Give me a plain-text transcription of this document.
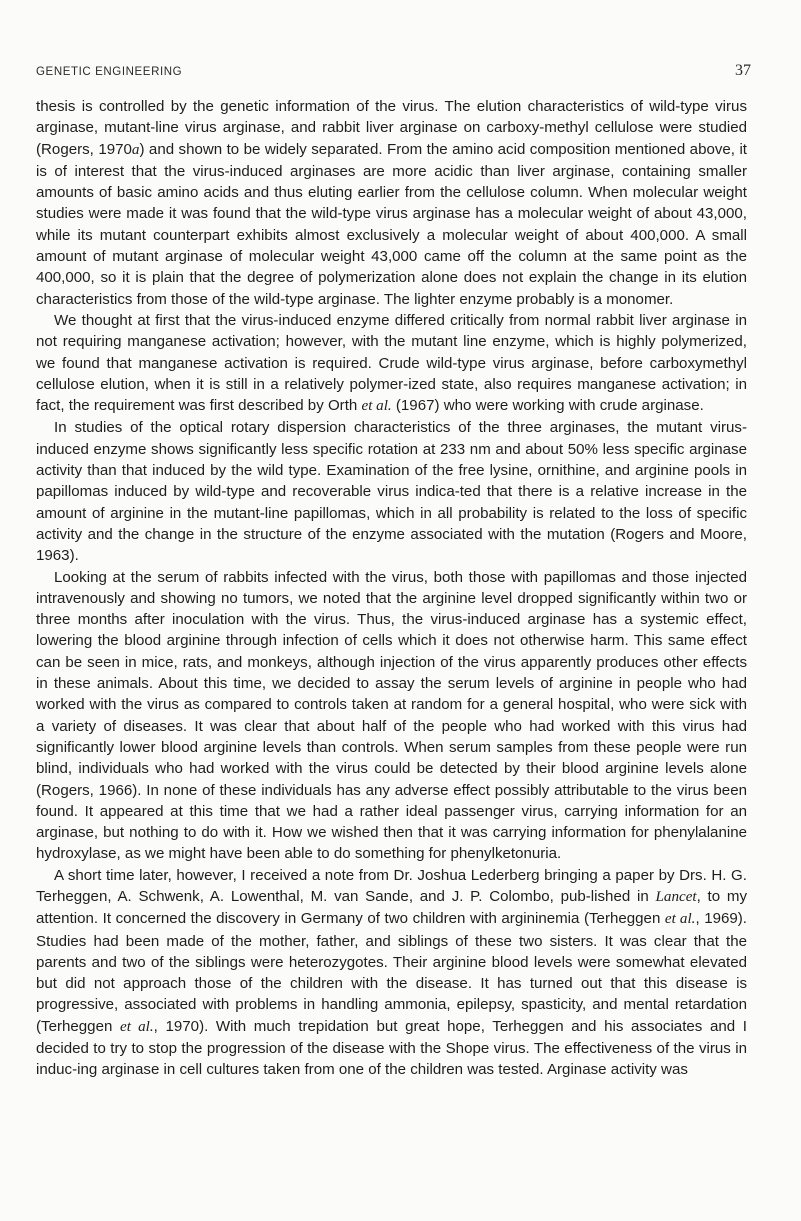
GENETIC ENGINEERING	37

thesis is controlled by the genetic information of the virus. The elution characteristics of wild-type virus arginase, mutant-line virus arginase, and rabbit liver arginase on carboxy-methyl cellulose were studied (Rogers, 1970a) and shown to be widely separated. From the amino acid composition mentioned above, it is of interest that the virus-induced arginases are more acidic than liver arginase, containing smaller amounts of basic amino acids and thus eluting earlier from the cellulose column. When molecular weight studies were made it was found that the wild-type virus arginase has a molecular weight of about 43,000, while its mutant counterpart exhibits almost exclusively a molecular weight of about 400,000. A small amount of mutant arginase of molecular weight 43,000 came off the column at the same point as the 400,000, so it is plain that the degree of polymerization alone does not explain the change in its elution characteristics from those of the wild-type arginase. The lighter enzyme probably is a monomer.

We thought at first that the virus-induced enzyme differed critically from normal rabbit liver arginase in not requiring manganese activation; however, with the mutant line enzyme, which is highly polymerized, we found that manganese activation is required. Crude wild-type virus arginase, before carboxymethyl cellulose elution, when it is still in a relatively polymer-ized state, also requires manganese activation; in fact, the requirement was first described by Orth et al. (1967) who were working with crude arginase.

In studies of the optical rotary dispersion characteristics of the three arginases, the mutant virus-induced enzyme shows significantly less specific rotation at 233 nm and about 50% less specific arginase activity than that induced by the wild type. Examination of the free lysine, ornithine, and arginine pools in papillomas induced by wild-type and recoverable virus indica-ted that there is a relative increase in the amount of arginine in the mutant-line papillomas, which in all probability is related to the loss of specific activity and the change in the structure of the enzyme associated with the mutation (Rogers and Moore, 1963).

Looking at the serum of rabbits infected with the virus, both those with papillomas and those injected intravenously and showing no tumors, we noted that the arginine level dropped significantly within two or three months after inoculation with the virus. Thus, the virus-induced arginase has a systemic effect, lowering the blood arginine through infection of cells which it does not otherwise harm. This same effect can be seen in mice, rats, and monkeys, although injection of the virus apparently produces other effects in these animals. About this time, we decided to assay the serum levels of arginine in people who had worked with the virus as compared to controls taken at random for a general hospital, who were sick with a variety of diseases. It was clear that about half of the people who had worked with this virus had significantly lower blood arginine levels than controls. When serum samples from these people were run blind, individuals who had worked with the virus could be detected by their blood arginine levels alone (Rogers, 1966). In none of these individuals has any adverse effect possibly attributable to the virus been found. It appeared at this time that we had a rather ideal passenger virus, carrying information for an arginase, but nothing to do with it. How we wished then that it was carrying information for phenylalanine hydroxylase, as we might have been able to do something for phenylketonuria.

A short time later, however, I received a note from Dr. Joshua Lederberg bringing a paper by Drs. H. G. Terheggen, A. Schwenk, A. Lowenthal, M. van Sande, and J. P. Colombo, pub-lished in Lancet, to my attention. It concerned the discovery in Germany of two children with argininemia (Terheggen et al., 1969). Studies had been made of the mother, father, and siblings of these two sisters. It was clear that the parents and two of the siblings were heterozygotes. Their arginine blood levels were somewhat elevated but did not approach those of the children with the disease. It has turned out that this disease is progressive, associated with problems in handling ammonia, epilepsy, spasticity, and mental retardation (Terheggen et al., 1970). With much trepidation but great hope, Terheggen and his associates and I decided to try to stop the progression of the disease with the Shope virus. The effectiveness of the virus in induc-ing arginase in cell cultures taken from one of the children was tested. Arginase activity was
